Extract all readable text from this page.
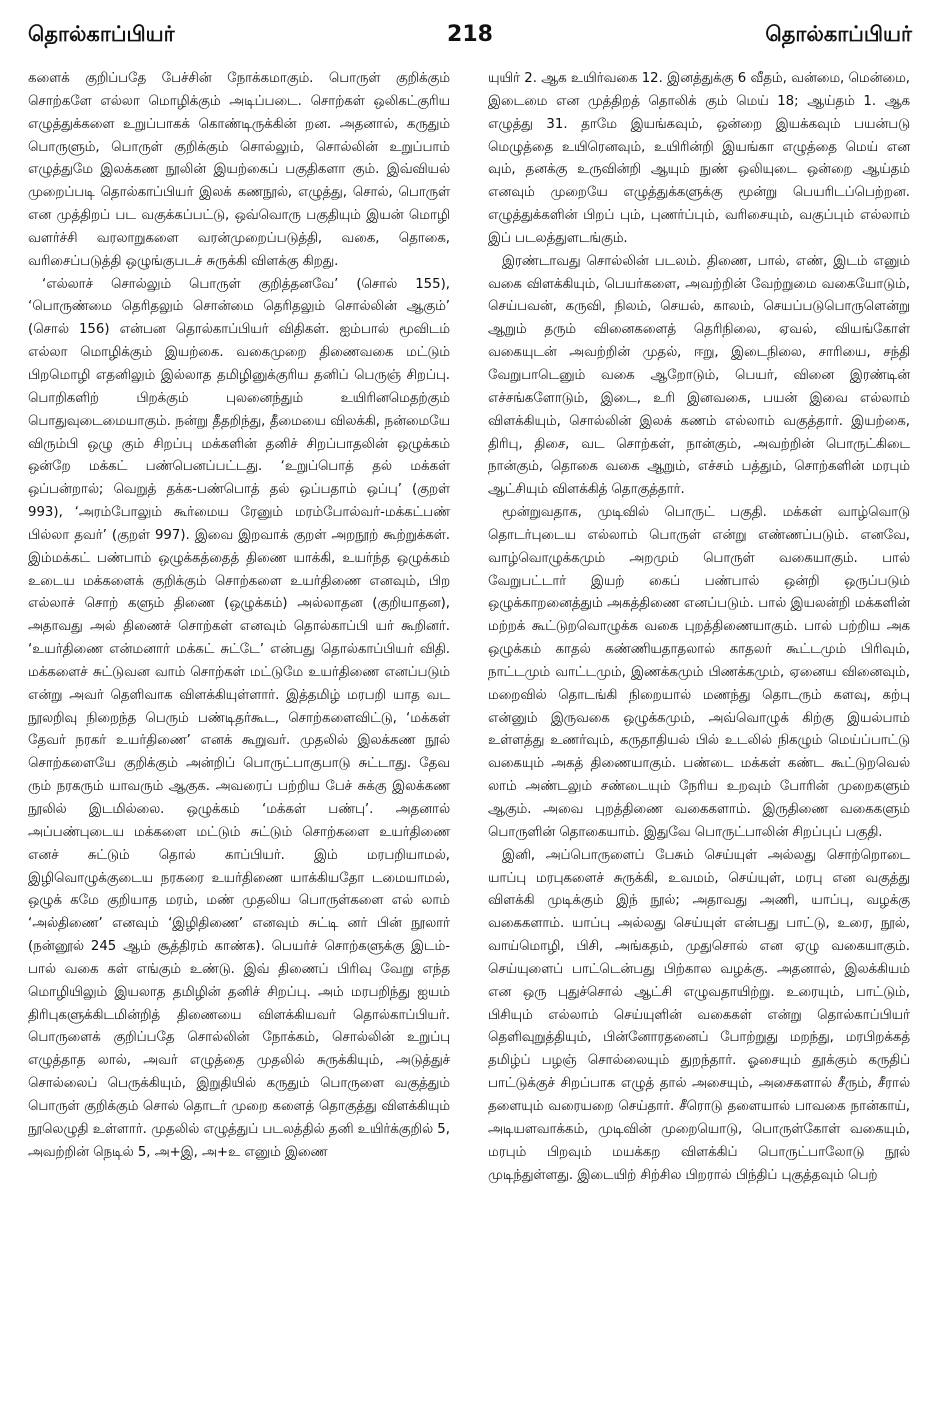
தொல்காப்பியர்	218	தொல்காப்பியர்

களைக் குறிப்பதே பேச்சின் நோக்கமாகும். பொருள் குறிக்கும் சொற்களே எல்லா மொழிக்கும் அடிப்படை. சொற்கள் ஒலிகட்குரிய எழுத்துக்களை உறுப்பாகக் கொண்டிருக்கின் றன. அதனால், கருதும் பொருளும், பொருள் குறிக்கும் சொல்லும், சொல்லின் உறுப்பாம் எழுத்துமே இலக்கண நூலின் இயற்கைப் பகுதிகளா கும். இவ்வியல் முறைப்படி தொல்காப்பியர் இலக் கணநூல், எழுத்து, சொல், பொருள் என முத்திறப் பட வகுக்கப்பட்டு, ஒவ்வொரு பகுதியும் இயன் மொழி வளர்ச்சி வரலாறுகளை வரன்முறைப்படுத்தி, வகை, தொகை, வரிசைப்படுத்தி ஒழுங்குபடச் சுருக்கி விளக்கு கிறது.

‘எல்லாச் சொல்லும் பொருள் குறித்தனவே’ (சொல் 155), ‘பொருண்மை தெரிதலும் சொன்மை தெரிதலும் சொல்லின் ஆகும்’ (சொல் 156) என்பன தொல்காப்பியர் விதிகள். ஐம்பால் மூவிடம் எல்லா மொழிக்கும் இயற்கை. வகைமுறை திணைவகை மட்டும் பிறமொழி எதனிலும் இல்லாத தமிழினுக்குரிய தனிப் பெருஞ் சிறப்பு. பொறிகளிற் பிறக்கும் புலனைந்தும் உயிரினமெதற்கும் பொதுவுடைமையாகும். நன்று தீதறிந்து, தீமையை விலக்கி, நன்மையே விரும்பி ஒழு கும் சிறப்பு மக்களின் தனிச் சிறப்பாதலின் ஒழுக்கம் ஒன்றே மக்கட் பண்பெனப்பட்டது. ‘உறுப்பொத் தல் மக்கள் ஒப்பன்றால்; வெறுத் தக்க-பண்பொத் தல் ஒப்பதாம் ஒப்பு’ (குறள் 993), ‘அரம்போலும் கூர்மைய ரேனும் மரம்போல்வர்-மக்கட்பண் பில்லா தவர்’ (குறள் 997). இவை இறவாக் குறள் அறநூற் கூற்றுக்கள். இம்மக்கட் பண்பாம் ஒழுக்கத்தைத் திணை யாக்கி, உயர்ந்த ஒழுக்கம் உடைய மக்களைக் குறிக்கும் சொற்களை உயர்திணை எனவும், பிற எல்லாச் சொற் களும் திணை (ஒழுக்கம்) அல்லாதன (குறியாதன), அதாவது அல் திணைச் சொற்கள் எனவும் தொல்காப்பி யர் கூறினர். ‘உயர்திணை என்மனார் மக்கட் சுட்டே’ என்பது தொல்காப்பியர் விதி. மக்களைச் சுட்டுவன வாம் சொற்கள் மட்டுமே உயர்திணை எனப்படும் என்று அவர் தெளிவாக விளக்கியுள்ளார். இத்தமிழ் மரபறி யாத வட நூலறிவு நிறைந்த பெரும் பண்டிதர்கூட, சொற்களைவிட்டு, ‘மக்கள் தேவர் நரகர் உயர்திணை’ எனக் கூறுவர். முதலில் இலக்கண நூல் சொற்களையே குறிக்கும் அன்றிப் பொருட்பாகுபாடு சுட்டாது. தேவ ரும் நரகரும் யாவரும் ஆகுக. அவரைப் பற்றிய பேச் சுக்கு இலக்கண நூலில் இடமில்லை. ஒழுக்கம் ‘மக்கள் பண்பு’. அதனால் அப்பண்புடைய மக்களை மட்டும் சுட்டும் சொற்களை உயர்திணை எனச் சுட்டும் தொல் காப்பியர். இம் மரபறியாமல், இழிவொழுக்குடைய நரகரை உயர்திணை யாக்கியதோ டமையாமல், ஒழுக் கமே குறியாத மரம், மண் முதலிய பொருள்களை எல் லாம் ‘அல்திணை’ எனவும் ‘இழிதிணை’ எனவும் சுட்டி னர் பின் நூலார் (நன்னூல் 245 ஆம் சூத்திரம் காண்க). பெயர்ச் சொற்களுக்கு இடம்-பால் வகை கள் எங்கும் உண்டு. இவ் திணைப் பிரிவு வேறு எந்த மொழியிலும் இயலாத தமிழின் தனிச் சிறப்பு. அம் மரபறிந்து ஐயம் திரிபுகளுக்கிடமின்றித் திணையை விளக்கியவர் தொல்காப்பியர். பொருளைக் குறிப்பதே சொல்லின் நோக்கம், சொல்லின் உறுப்பு எழுத்தாத லால், அவர் எழுத்தை முதலில் சுருக்கியும், அடுத்துச் சொல்லைப் பெருக்கியும், இறுதியில் கருதும் பொருளை வகுத்தும் பொருள் குறிக்கும் சொல் தொடர் முறை களைத் தொகுத்து விளக்கியும் நூலெழுதி உள்ளார். முதலில் எழுத்துப் படலத்தில் தனி உயிர்க்குறில் 5, அவற்றின் நெடில் 5, அ+இ, அ+உ எனும் இணை

யுயிர் 2. ஆக உயிர்வகை 12. இனத்துக்கு 6 வீதம், வன்மை, மென்மை, இடைமை என முத்திறத் தொலிக் கும் மெய் 18; ஆய்தம் 1. ஆக எழுத்து 31. தாமே இயங்கவும், ஒன்றை இயக்கவும் பயன்படு மெழுத்தை உயிரெனவும், உயிரின்றி இயங்கா எழுத்தை மெய் என வும், தனக்கு உருவின்றி ஆயும் நுண் ஒலியுடை ஒன்றை ஆய்தம் எனவும் முறையே எழுத்துக்களுக்கு மூன்று பெயரிடப்பெற்றன. எழுத்துக்களின் பிறப் பும், புணர்ப்பும், வரிசையும், வகுப்பும் எல்லாம் இப் படலத்துளடங்கும்.

இரண்டாவது சொல்லின் படலம். திணை, பால், எண், இடம் எனும் வகை விளக்கியும், பெயர்களை, அவற்றின் வேற்றுமை வகையோடும், செய்பவன், கருவி, நிலம், செயல், காலம், செயப்படுபொருளென்று ஆறும் தரும் வினைகளைத் தெரிநிலை, ஏவல், வியங்கோள் வகையுடன் அவற்றின் முதல், ஈறு, இடைநிலை, சாரியை, சந்தி வேறுபாடெனும் வகை ஆறோடும், பெயர், வினை இரண்டின் எச்சங்களோடும், இடை, உரி இனவகை, பயன் இவை எல்லாம் விளக்கியும், சொல்லின் இலக் கணம் எல்லாம் வகுத்தார். இயற்கை, திரிபு, திசை, வட சொற்கள், நான்கும், அவற்றின் பொருட்கிடை நான்கும், தொகை வகை ஆறும், எச்சம் பத்தும், சொற்களின் மரபும் ஆட்சியும் விளக்கித் தொகுத்தார்.

மூன்றுவதாக, முடிவில் பொருட் பகுதி. மக்கள் வாழ்வொடு தொடர்புடைய எல்லாம் பொருள் என்று எண்ணப்படும். எனவே, வாழ்வொழுக்கமும் அறமும் பொருள் வகையாகும். பால் வேறுபட்டார் இயற் கைப் பண்பால் ஒன்றி ஒருப்படும் ஒழுக்காறனைத்தும் அகத்திணை எனப்படும். பால் இயலன்றி மக்களின் மற்றக் கூட்டுறவொழுக்க வகை புறத்திணையாகும். பால் பற்றிய அக ஒழுக்கம் காதல் கண்ணியதாதலால் காதலர் கூட்டமும் பிரிவும், நாட்டமும் வாட்டமும், இணக்கமும் பிணக்கமும், ஏனைய வினைவும், மறைவில் தொடங்கி நிறையால் மணந்து தொடரும் களவு, கற்பு என்னும் இருவகை ஒழுக்கமும், அவ்வொழுக் கிற்கு இயல்பாம் உள்ளத்து உணர்வும், கருதாதியல் பில் உடலில் நிகழும் மெய்ப்பாட்டு வகையும் அகத் திணையாகும். பண்டை மக்கள் கண்ட கூட்டுறவெல் லாம் அண்டலும் சண்டையும் நேரிய உறவும் போரின் முறைகளும் ஆகும். அவை புறத்திணை வகைகளாம். இருதிணை வகைகளும் பொருளின் தொகையாம். இதுவே பொருட்பாலின் சிறப்புப் பகுதி.

இனி, அப்பொருளைப் பேசும் செய்யுள் அல்லது சொற்றொடை யாப்பு மரபுகளைச் சுருக்கி, உவமம், செய்யுள், மரபு என வகுத்து விளக்கி முடிக்கும் இந் நூல்; அதாவது அணி, யாப்பு, வழக்கு வகைகளாம். யாப்பு அல்லது செய்யுள் என்பது பாட்டு, உரை, நூல், வாய்மொழி, பிசி, அங்கதம், முதுசொல் என ஏழு வகையாகும். செய்யுளைப் பாட்டென்பது பிற்கால வழக்கு. அதனால், இலக்கியம் என ஒரு புதுச்சொல் ஆட்சி எழுவதாயிற்று. உரையும், பாட்டும், பிசியும் எல்லாம் செய்யுளின் வகைகள் என்று தொல்காப்பியர் தெளிவுறுத்தியும், பின்னோரதனைப் போற்றுது மறந்து, மரபிறக்கத் தமிழ்ப் பழஞ் சொல்லையும் துறந்தார். ஓசையும் தூக்கும் கருதிப் பாட்டுக்குச் சிறப்பாக எழுத் தால் அசையும், அசைகளால் சீரும், சீரால் தளையும் வரையறை செய்தார். சீரொடு தளையால் பாவகை நான்காய், அடியளவாக்கம், முடிவின் முறையொடு, பொருள்கோள் வகையும், மரபும் பிறவும் மயக்கற விளக்கிப் பொருட்பாலோடு நூல் முடிந்துள்ளது. இடையிற் சிற்சில பிறரால் பிந்திப் புகுத்தவும் பெற்
